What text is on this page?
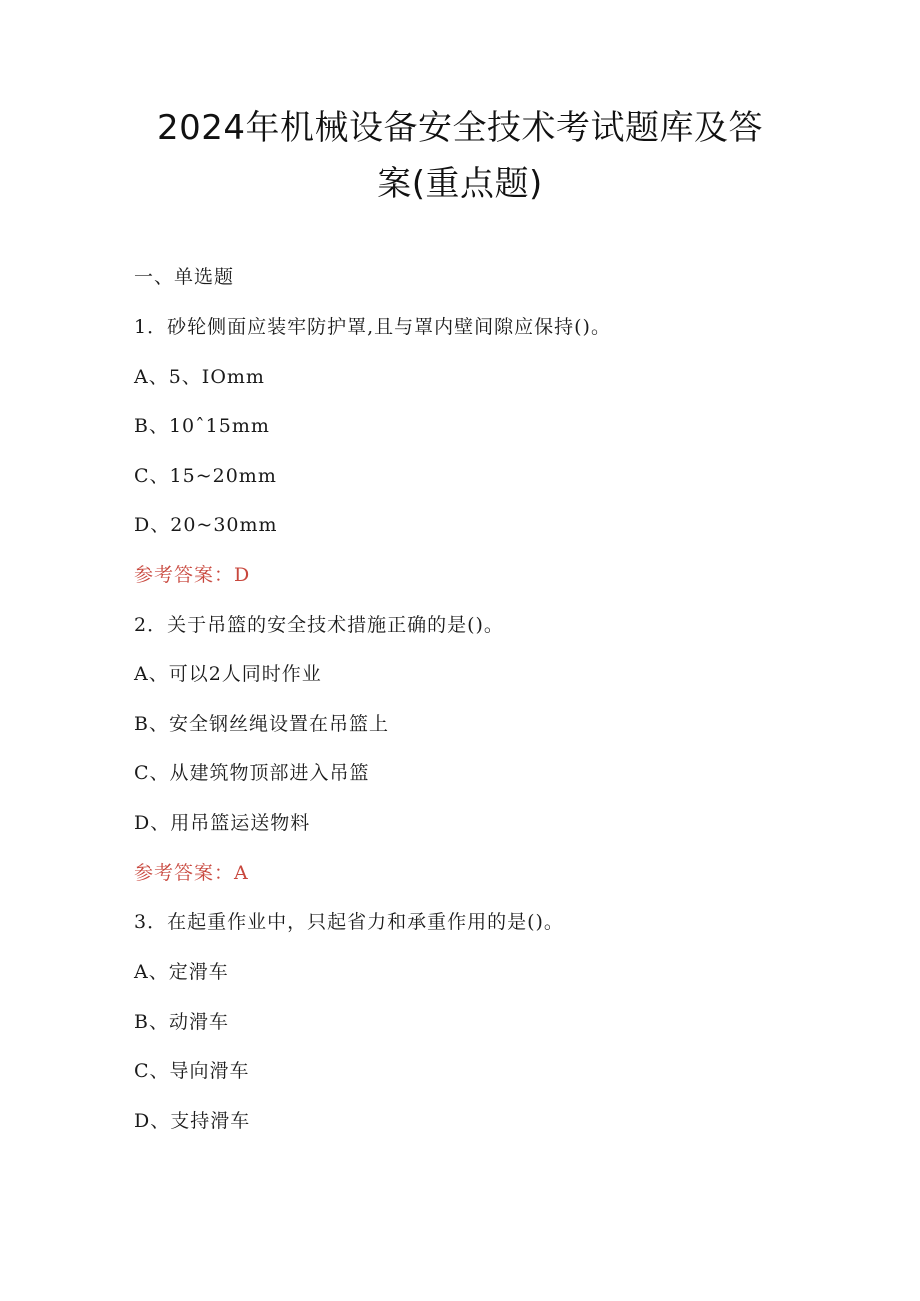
2024年机械设备安全技术考试题库及答
案(重点题)
一、单选题
1．砂轮侧面应装牢防护罩,且与罩内壁间隙应保持()。
A、5、IOmm
B、10ˆ15mm
C、15~20mm
D、20~30mm
参考答案：D
2．关于吊篮的安全技术措施正确的是()。
A、可以2人同时作业
B、安全钢丝绳设置在吊篮上
C、从建筑物顶部进入吊篮
D、用吊篮运送物料
参考答案：A
3．在起重作业中，只起省力和承重作用的是()。
A、定滑车
B、动滑车
C、导向滑车
D、支持滑车
